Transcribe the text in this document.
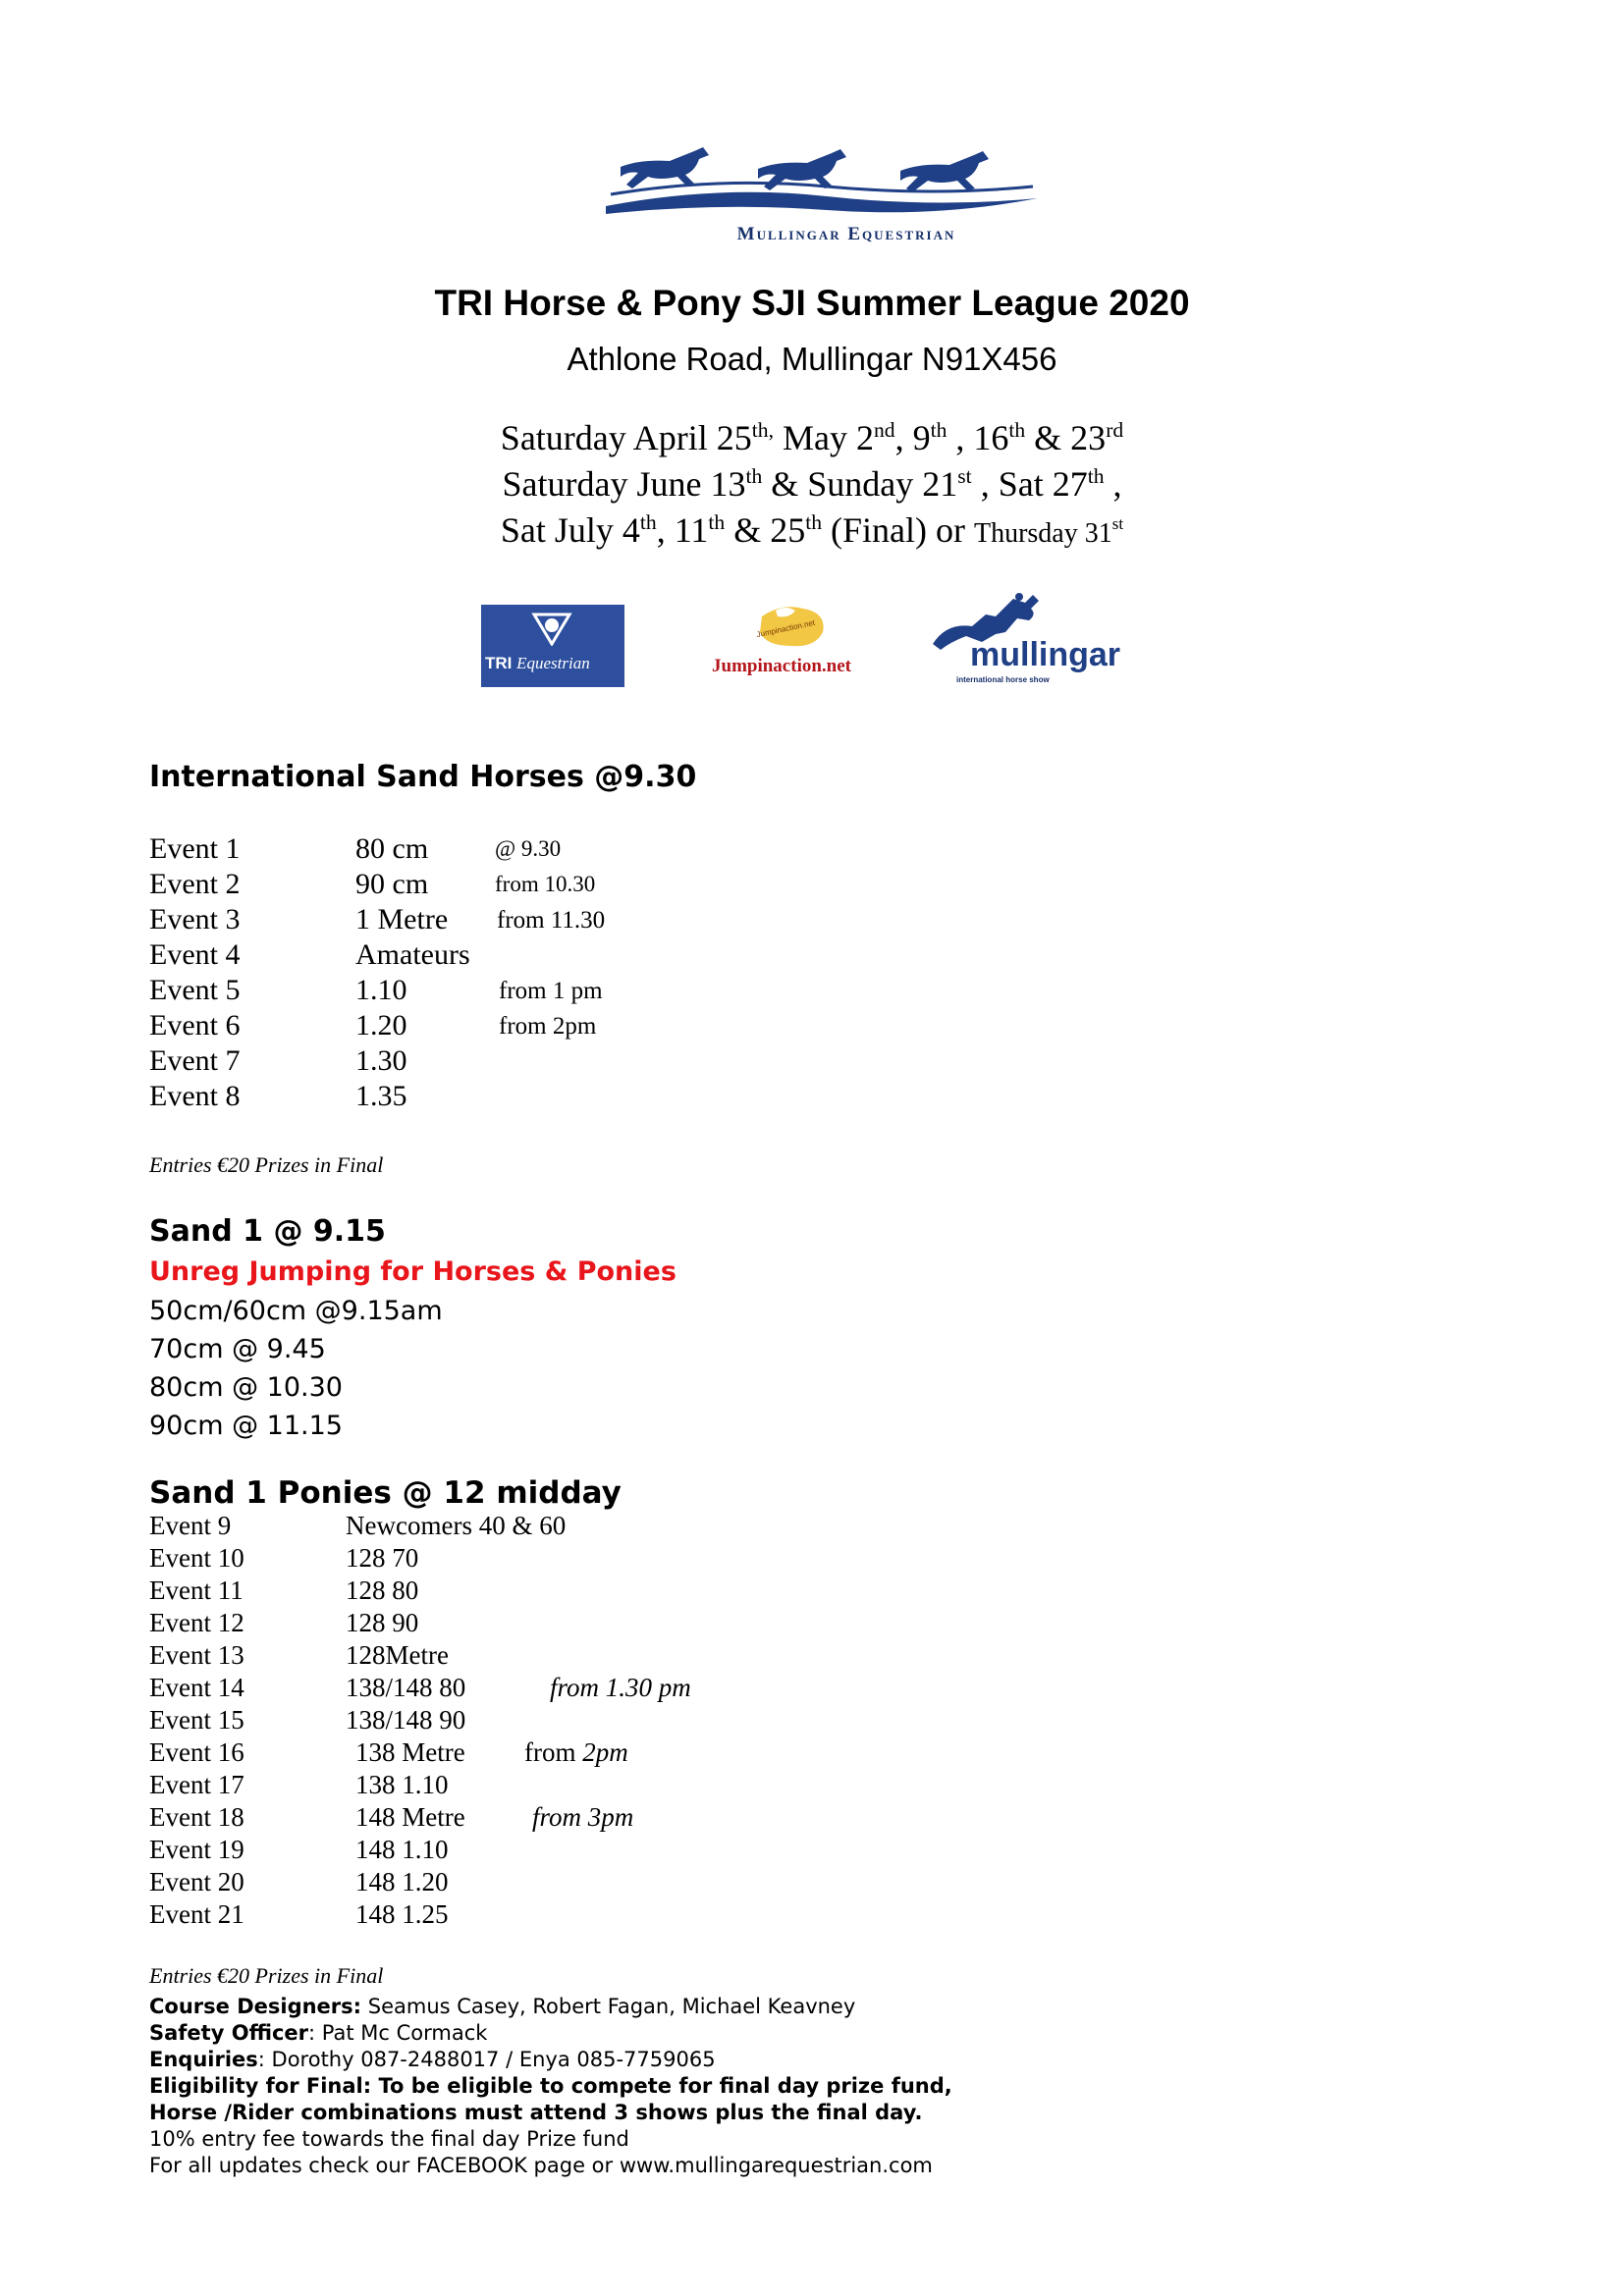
Mullingar Equestrian
TRI Horse & Pony SJI Summer League 2020
Athlone Road, Mullingar N91X456
Saturday April $25^{th,}$ May 2nd, 9th , 16th & 23rd
Saturday June 13th & Sunday 21st , Sat 27th ,
Sat July 4th, 11th & 25th (Final) or Thursday 31st
TRI Equestrian
Jumpinaction.net
Jumpinaction.net	mullingar
international horse show
International Sand Horses @9.30
Event 1	80 cm	@ 9.30
Event 2	90 cm	from 10.30
Event 3	1 Metre from 11.30
Event 4	Amateurs
Event 5	1.10	from 1 pm
Event 6	1.20	from 2pm
Event 7	1.30
Event 8	1.35
Entries €20 Prizes in Final
Sand 1 @ 9.15
Unreg Jumping for Horses & Ponies
50cm/60cm @9.15am
70cm @ 9.45
80cm @ 10.30
90cm @ 11.15
Sand 1 Ponies @ 12 midday
Event 9	Newcomers 40 & 60
Event 10	128 70
Event 11	128 80
Event 12	128 90
Event 13	128Metre
Event 14	138/148 80	from 1.30 pm
Event 15	138/148 90
Event 16	138 Metre from 2pm
Event 17	138 1.10
Event 18	148 Metre	from 3pm
Event 19	148 1.10
Event 20	148 1.20
Event 21	148 1.25
Entries €20 Prizes in Final
Course Designers: Seamus Casey, Robert Fagan, Michael Keavney
Safety Officer: Pat Mc Cormack
Enquiries: Dorothy 087-2488017 / Enya 085-7759065
Eligibility for Final: To be eligible to compete for final day prize fund,
Horse /Rider combinations must attend 3 shows plus the final day.
10% entry fee towards the final day Prize fund
For all updates check our FACEBOOK page or www.mullingarequestrian.com
